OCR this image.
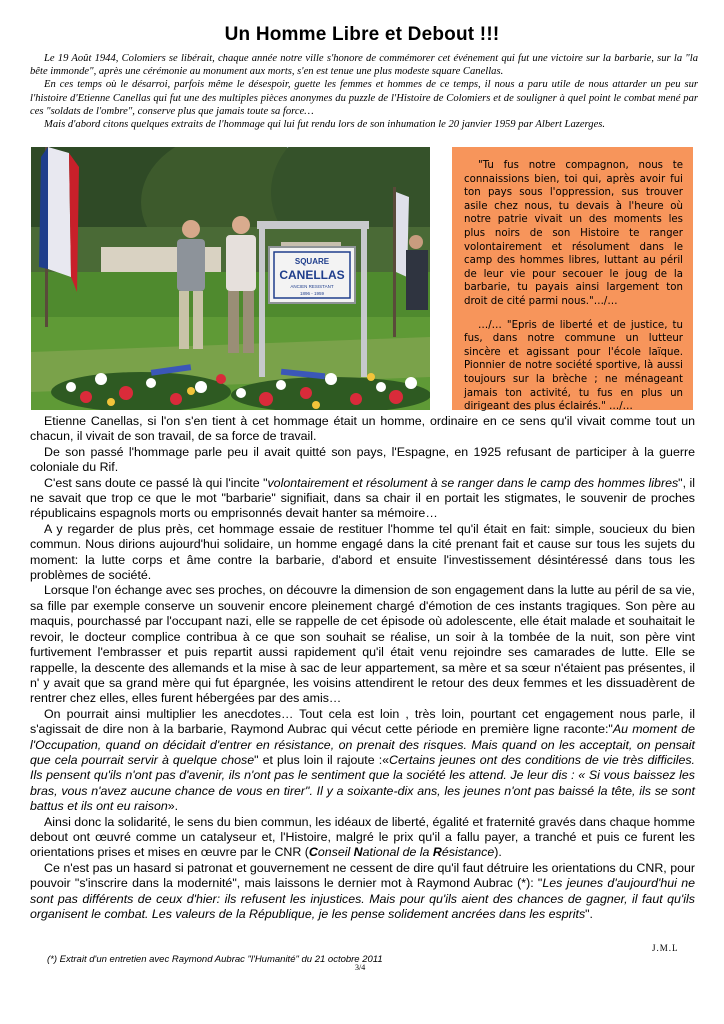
Un Homme Libre et Debout !!!

Le 19 Août 1944, Colomiers se libérait, chaque année notre ville s'honore de commémorer cet événement qui fut une victoire sur la barbarie, sur la "la bête immonde", après une cérémonie au monument aux morts, s'en est tenue une plus modeste square Canellas.

En ces temps où le désarroi, parfois même le désespoir, guette les femmes et hommes de ce temps, il nous a paru utile de nous attarder un peu sur l'histoire d'Etienne Canellas qui fut une des multiples pièces anonymes du puzzle de l'Histoire de Colomiers et de souligner à quel point le combat mené par ces "soldats de l'ombre", conserve plus que jamais toute sa force…

Mais d'abord citons quelques extraits de l'hommage qui lui fut rendu lors de son inhumation le 20 janvier 1959 par Albert Lazerges.

SQUARE
CANELLAS
ANCIEN RESISTANT
1896 - 1959

"Tu fus notre compagnon, nous te connaissions bien, toi qui, après avoir fui ton pays sous l'oppression, sus trouver asile chez nous, tu devais à l'heure où notre patrie vivait un des moments les plus noirs de son Histoire te ranger volontairement et résolument dans le camp des hommes libres, luttant au péril de leur vie pour secouer le joug de la barbarie, tu payais ainsi largement ton droit de cité parmi nous."…/…

…/… "Epris de liberté et de justice, tu fus, dans notre commune un lutteur sincère et agissant pour l'école laïque. Pionnier de notre société sportive, là aussi toujours sur la brèche ; ne ménageant jamais ton activité, tu fus en plus un dirigeant des plus éclairés." …/…

Etienne Canellas, si l'on s'en tient à cet hommage était un homme, ordinaire en ce sens qu'il vivait comme tout un chacun, il vivait de son travail, de sa force de travail.

De son passé l'hommage parle peu il avait quitté son pays, l'Espagne, en 1925 refusant de participer à la guerre coloniale du Rif.

C'est sans doute ce passé là qui l'incite "volontairement et résolument à se ranger dans le camp des hommes libres", il ne savait que trop ce que le mot "barbarie" signifiait, dans sa chair il en portait les stigmates, le souvenir de proches républicains espagnols morts ou emprisonnés devait hanter sa mémoire…

A y regarder de plus près, cet hommage essaie de restituer l'homme tel qu'il était en fait: simple, soucieux du bien commun. Nous dirions aujourd'hui solidaire, un homme engagé dans la cité prenant fait et cause sur tous les sujets du moment: la lutte corps et âme contre la barbarie, d'abord et ensuite l'investissement désintéressé dans tous les problèmes de société.

Lorsque l'on échange avec ses proches, on découvre la dimension de son engagement dans la lutte au péril de sa vie, sa fille par exemple conserve un souvenir encore pleinement chargé d'émotion de ces instants tragiques. Son père au maquis, pourchassé par l'occupant nazi, elle se rappelle de cet épisode où adolescente, elle était malade et souhaitait le revoir, le docteur complice contribua à ce que son souhait se réalise, un soir à la tombée de la nuit, son père vint furtivement l'embrasser et puis repartit aussi rapidement qu'il était venu rejoindre ses camarades de lutte. Elle se rappelle, la descente des allemands et la mise à sac de leur appartement, sa mère et sa sœur n'étaient pas présentes, il n' y avait que sa grand mère qui fut épargnée, les voisins attendirent le retour des deux femmes et les dissuadèrent de rentrer chez elles, elles furent hébergées par des amis…

On pourrait ainsi multiplier les anecdotes… Tout cela est loin , très loin, pourtant cet engagement nous parle, il s'agissait de dire non à la barbarie, Raymond Aubrac qui vécut cette période en première ligne raconte:"Au moment de l'Occupation, quand on décidait d'entrer en résistance, on prenait des risques. Mais quand on les acceptait, on pensait que cela pourrait servir à quelque chose" et plus loin il rajoute :«Certains jeunes ont des conditions de vie très difficiles. Ils pensent qu'ils n'ont pas d'avenir, ils n'ont pas le sentiment que la société les attend. Je leur dis : « Si vous baissez les bras, vous n'avez aucune chance de vous en tirer". Il y a soixante-dix ans, les jeunes n'ont pas baissé la tête, ils se sont battus et ils ont eu raison».

Ainsi donc la solidarité, le sens du bien commun, les idéaux de liberté, égalité et fraternité gravés dans chaque homme debout ont œuvré comme un catalyseur et, l'Histoire, malgré le prix qu'il a fallu payer, a tranché et puis ce furent les orientations prises et mises en œuvre par le CNR (Conseil National de la Résistance).

Ce n'est pas un hasard si patronat et gouvernement ne cessent de dire qu'il faut détruire les orientations du CNR, pour pouvoir "s'inscrire dans la modernité", mais laissons le dernier mot à Raymond Aubrac (*): "Les jeunes d'aujourd'hui ne sont pas différents de ceux d'hier: ils refusent les injustices. Mais pour qu'ils aient des chances de gagner, il faut qu'ils organisent le combat. Les valeurs de la République, je les pense solidement ancrées dans les esprits".

J.M.L
(*) Extrait d'un entretien avec Raymond Aubrac "l'Humanité" du 21 octobre 2011
3/4
